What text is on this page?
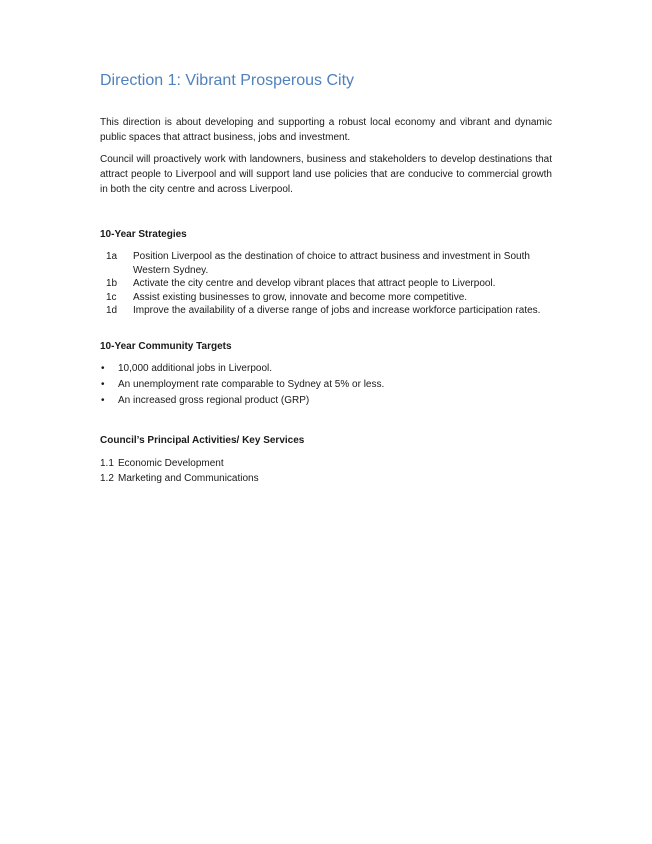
Direction 1: Vibrant Prosperous City

This direction is about developing and supporting a robust local economy and vibrant and dynamic public spaces that attract business, jobs and investment.

Council will proactively work with landowners, business and stakeholders to develop destinations that attract people to Liverpool and will support land use policies that are conducive to commercial growth in both the city centre and across Liverpool.

10-Year Strategies
1a Position Liverpool as the destination of choice to attract business and investment in South Western Sydney.
1b Activate the city centre and develop vibrant places that attract people to Liverpool.
1c Assist existing businesses to grow, innovate and become more competitive.
1d Improve the availability of a diverse range of jobs and increase workforce participation rates.
10-Year Community Targets
• 10,000 additional jobs in Liverpool.
• An unemployment rate comparable to Sydney at 5% or less.
• An increased gross regional product (GRP)
Council’s Principal Activities/ Key Services
1.1 Economic Development
1.2 Marketing and Communications
